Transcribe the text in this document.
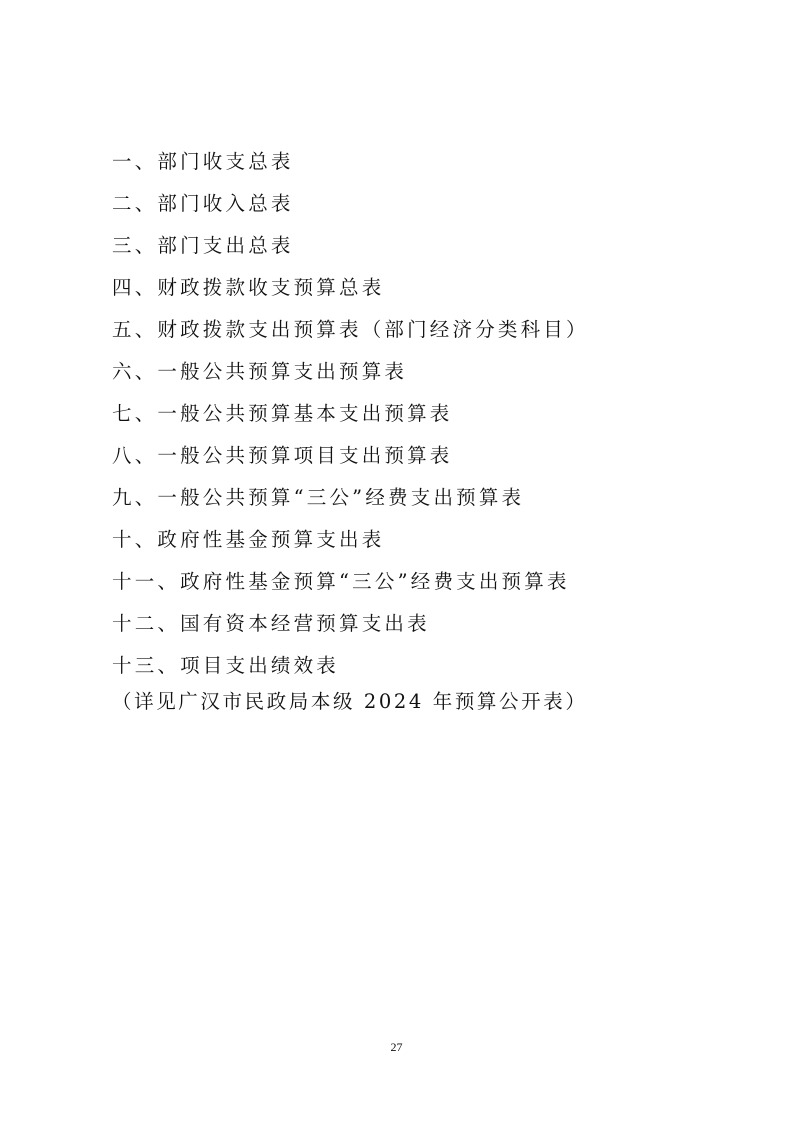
一、部门收支总表
二、部门收入总表
三、部门支出总表
四、财政拨款收支预算总表
五、财政拨款支出预算表（部门经济分类科目）
六、一般公共预算支出预算表
七、一般公共预算基本支出预算表
八、一般公共预算项目支出预算表
九、一般公共预算“三公”经费支出预算表
十、政府性基金预算支出表
十一、政府性基金预算“三公”经费支出预算表
十二、国有资本经营预算支出表
十三、项目支出绩效表
（详见广汉市民政局本级 2024 年预算公开表）
27
